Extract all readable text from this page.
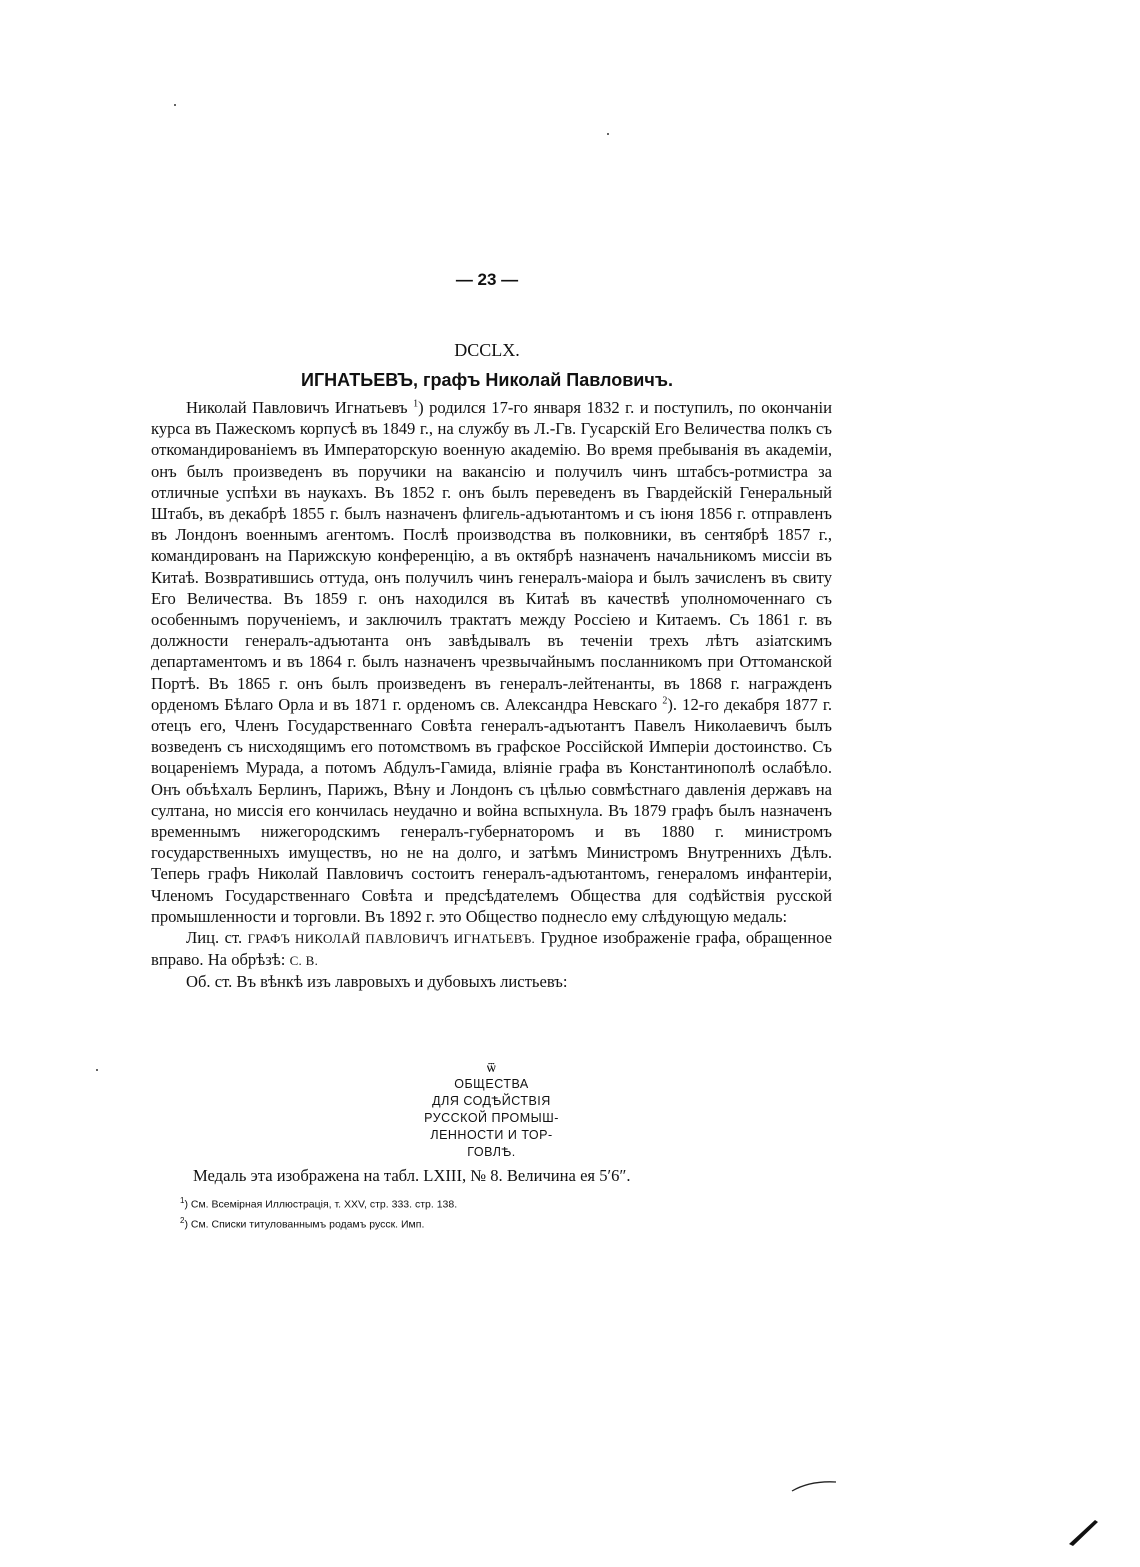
— 23 —
DCCLX.
ИГНАТЬЕВЪ, графъ Николай Павловичъ.

Николай Павловичъ Игнатьевъ $^1$) родился 17-го января 1832 г. и поступилъ, по окончаніи курса въ Пажескомъ корпусѣ въ 1849 г., на службу въ Л.-Гв. Гусарскій Его Величества полкъ съ откомандированіемъ въ Императорскую военную академію. Во время пребыванія въ академіи, онъ былъ произведенъ въ поручики на вакансію и получилъ чинъ штабсъ-ротмистра за отличные успѣхи въ наукахъ. Въ 1852 г. онъ былъ переведенъ въ Гвардейскій Генеральный Штабъ, въ декабрѣ 1855 г. былъ назначенъ флигель-адъютантомъ и съ іюня 1856 г. отправленъ въ Лондонъ военнымъ агентомъ. Послѣ производства въ полковники, въ сентябрѣ 1857 г., командированъ на Парижскую конференцію, а въ октябрѣ назначенъ начальникомъ миссіи въ Китаѣ. Возвратившись оттуда, онъ получилъ чинъ генералъ-маіора и былъ зачисленъ въ свиту Его Величества. Въ 1859 г. онъ находился въ Китаѣ въ качествѣ уполномоченнаго съ особеннымъ порученіемъ, и заключилъ трактатъ между Россіею и Китаемъ. Съ 1861 г. въ должности генералъ-адъютанта онъ завѣдывалъ въ теченіи трехъ лѣтъ азіатскимъ департаментомъ и въ 1864 г. былъ назначенъ чрезвычайнымъ посланникомъ при Оттоманской Портѣ. Въ 1865 г. онъ былъ произведенъ въ генералъ-лейтенанты, въ 1868 г. награжденъ орденомъ Бѣлаго Орла и въ 1871 г. орденомъ св. Александра Невскаго $^2$). 12-го декабря 1877 г. отецъ его, Членъ Государственнаго Совѣта генералъ-адъютантъ Павелъ Николаевичъ былъ возведенъ съ нисходящимъ его потомствомъ въ графское Россійской Имперіи достоинство. Съ воцареніемъ Мурада, а потомъ Абдулъ-Гамида, вліяніе графа въ Константинополѣ ослабѣло. Онъ объѣхалъ Берлинъ, Парижъ, Вѣну и Лондонъ съ цѣлью совмѣстнаго давленія державъ на султана, но миссія его кончилась неудачно и война вспыхнула. Въ 1879 графъ былъ назначенъ временнымъ нижегородскимъ генералъ-губернаторомъ и въ 1880 г. министромъ государственныхъ имуществъ, но не на долго, и затѣмъ Министромъ Внутреннихъ Дѣлъ. Теперь графъ Николай Павловичъ состоитъ генералъ-адъютантомъ, генераломъ инфантеріи, Членомъ Государственнаго Совѣта и предсѣдателемъ Общества для содѣйствія русской промышленности и торговли. Въ 1892 г. это Общество поднесло ему слѣдующую медаль:

Лиц. ст. ГРАФЪ НИКОЛАЙ ПАВЛОВИЧЪ ИГНАТЬЕВЪ. Грудное изображеніе графа, обращенное вправо. На обрѣзѣ: С. В.

Об. ст. Въ вѣнкѣ изъ лавровыхъ и дубовыхъ листьевъ:

ѿ
ОБЩЕСТВА
ДЛЯ СОДѢЙСТВІЯ
РУССКОЙ ПРОМЫШ-
ЛЕННОСТИ И ТОР-
ГОВЛѢ.
Медаль эта изображена на табл. LXIII, № 8. Величина ея 5′6″.
$^1$) См. Всемірная Иллюстрація, т. XXV, стр. 333. стр. 138.
$^2$) См. Списки титулованнымъ родамъ русск. Имп.
